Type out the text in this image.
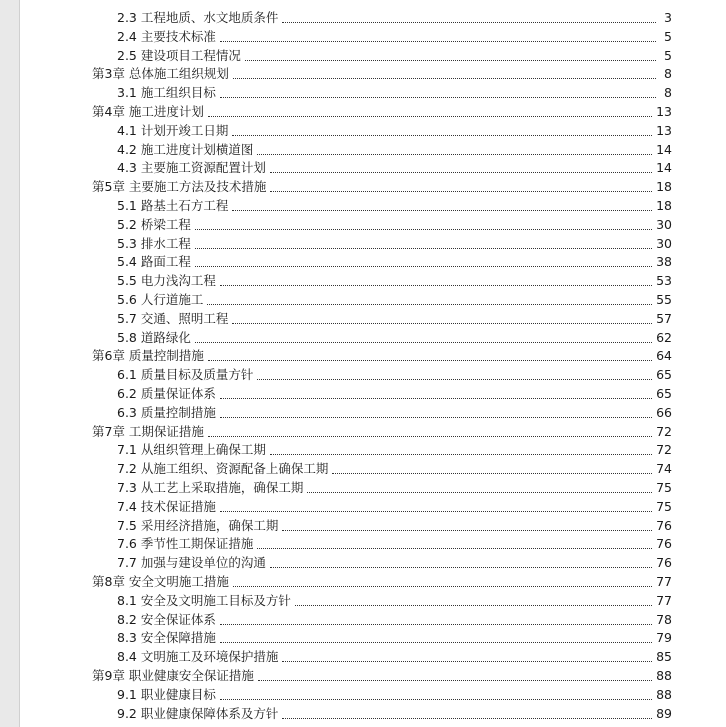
2.3 工程地质、水文地质条件	3
2.4 主要技术标准	5
2.5 建设项目工程情况	5
第3章 总体施工组织规划	8
3.1 施工组织目标	8
第4章 施工进度计划	13
4.1 计划开竣工日期	13
4.2 施工进度计划横道图	14
4.3 主要施工资源配置计划	14
第5章 主要施工方法及技术措施	18
5.1 路基土石方工程	18
5.2 桥梁工程	30
5.3 排水工程	30
5.4 路面工程	38
5.5 电力浅沟工程	53
5.6 人行道施工	55
5.7 交通、照明工程	57
5.8 道路绿化	62
第6章 质量控制措施	64
6.1 质量目标及质量方针	65
6.2 质量保证体系	65
6.3 质量控制措施	66
第7章 工期保证措施	72
7.1 从组织管理上确保工期	72
7.2 从施工组织、资源配备上确保工期	74
7.3 从工艺上采取措施，确保工期	75
7.4 技术保证措施	75
7.5 采用经济措施，确保工期	76
7.6 季节性工期保证措施	76
7.7 加强与建设单位的沟通	76
第8章 安全文明施工措施	77
8.1 安全及文明施工目标及方针	77
8.2 安全保证体系	78
8.3 安全保障措施	79
8.4 文明施工及环境保护措施	85
第9章 职业健康安全保证措施	88
9.1 职业健康目标	88
9.2 职业健康保障体系及方针	89
